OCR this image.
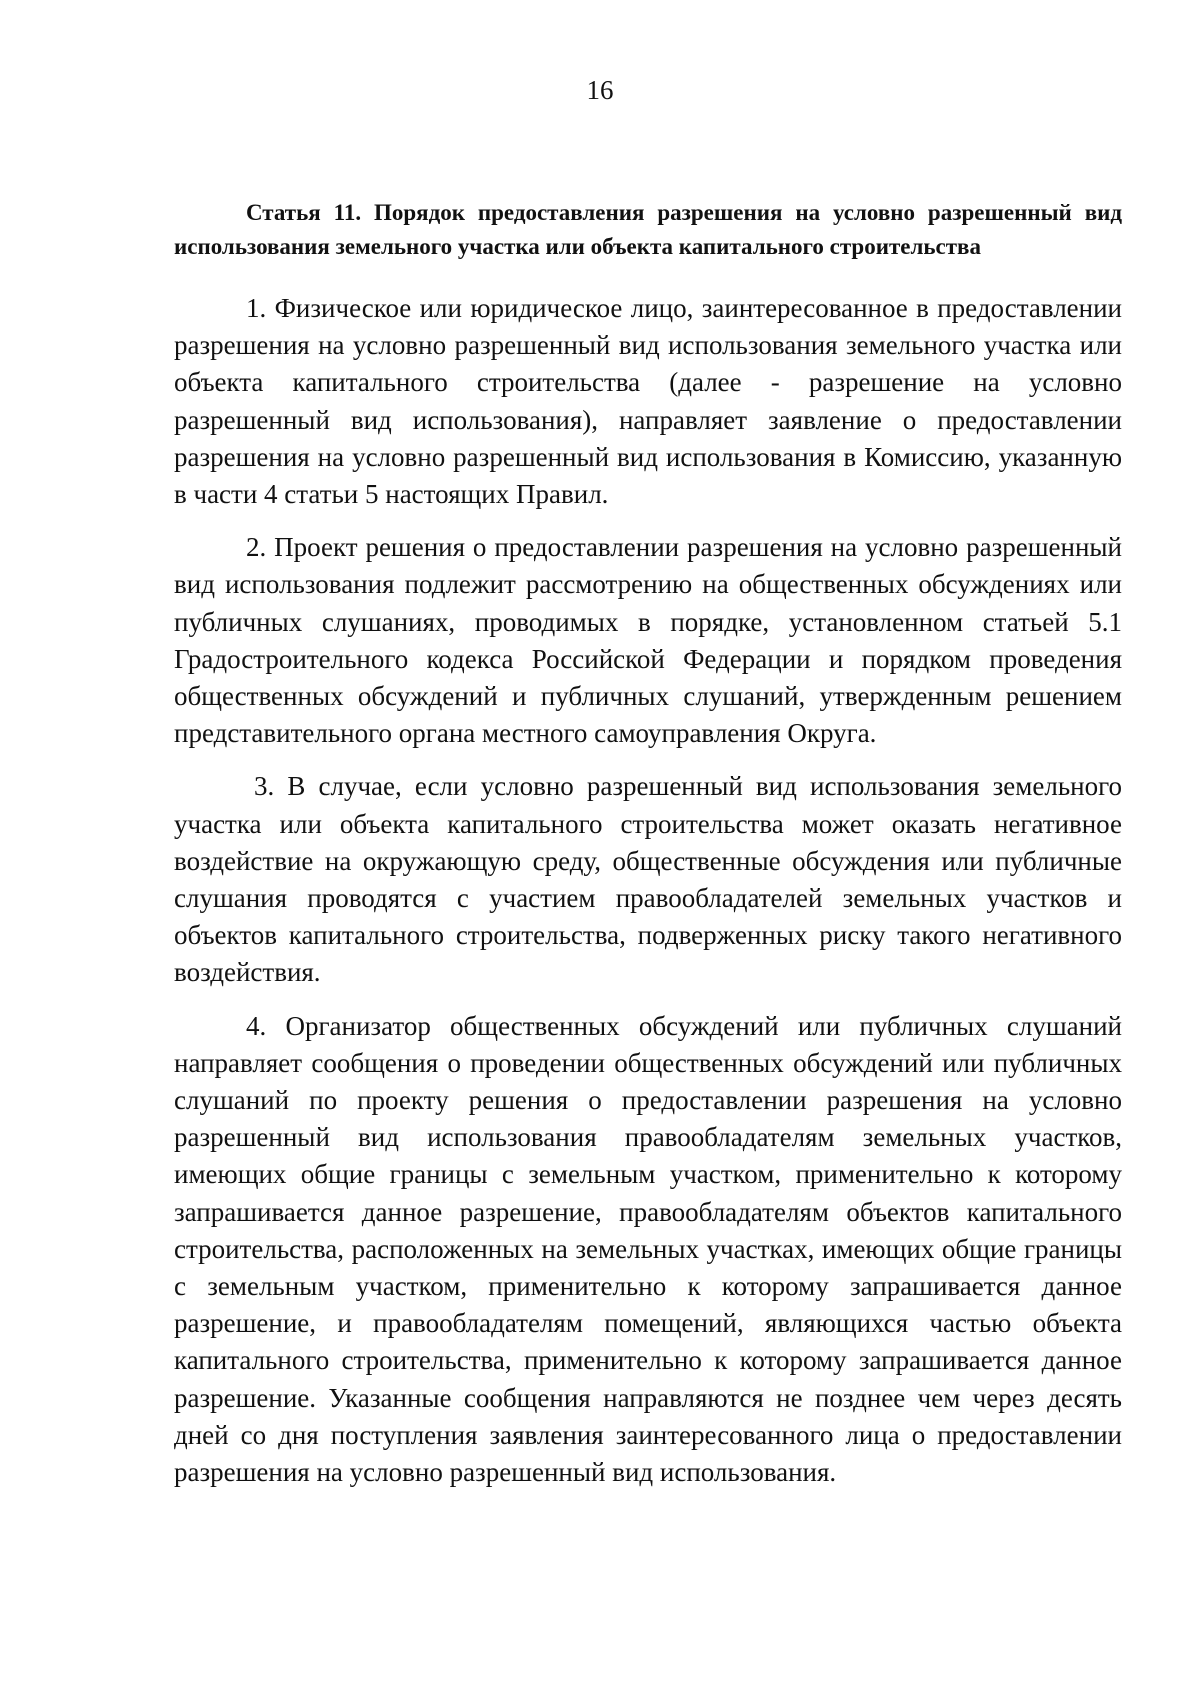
16

Статья 11. Порядок предоставления разрешения на условно разрешенный вид использования земельного участка или объекта капитального строительства

1. Физическое или юридическое лицо, заинтересованное в предоставлении разрешения на условно разрешенный вид использования земельного участка или объекта капитального строительства (далее - разрешение на условно разрешенный вид использования), направляет заявление о предоставлении разрешения на условно разрешенный вид использования в Комиссию, указанную в части 4 статьи 5 настоящих Правил.

2. Проект решения о предоставлении разрешения на условно разрешенный вид использования подлежит рассмотрению на общественных обсуждениях или публичных слушаниях, проводимых в порядке, установленном статьей 5.1 Градостроительного кодекса Российской Федерации и порядком проведения общественных обсуждений и публичных слушаний, утвержденным решением представительного органа местного самоуправления Округа.

3. В случае, если условно разрешенный вид использования земельного участка или объекта капитального строительства может оказать негативное воздействие на окружающую среду, общественные обсуждения или публичные слушания проводятся с участием правообладателей земельных участков и объектов капитального строительства, подверженных риску такого негативного воздействия.

4. Организатор общественных обсуждений или публичных слушаний направляет сообщения о проведении общественных обсуждений или публичных слушаний по проекту решения о предоставлении разрешения на условно разрешенный вид использования правообладателям земельных участков, имеющих общие границы с земельным участком, применительно к которому запрашивается данное разрешение, правообладателям объектов капитального строительства, расположенных на земельных участках, имеющих общие границы с земельным участком, применительно к которому запрашивается данное разрешение, и правообладателям помещений, являющихся частью объекта капитального строительства, применительно к которому запрашивается данное разрешение. Указанные сообщения направляются не позднее чем через десять дней со дня поступления заявления заинтересованного лица о предоставлении разрешения на условно разрешенный вид использования.
